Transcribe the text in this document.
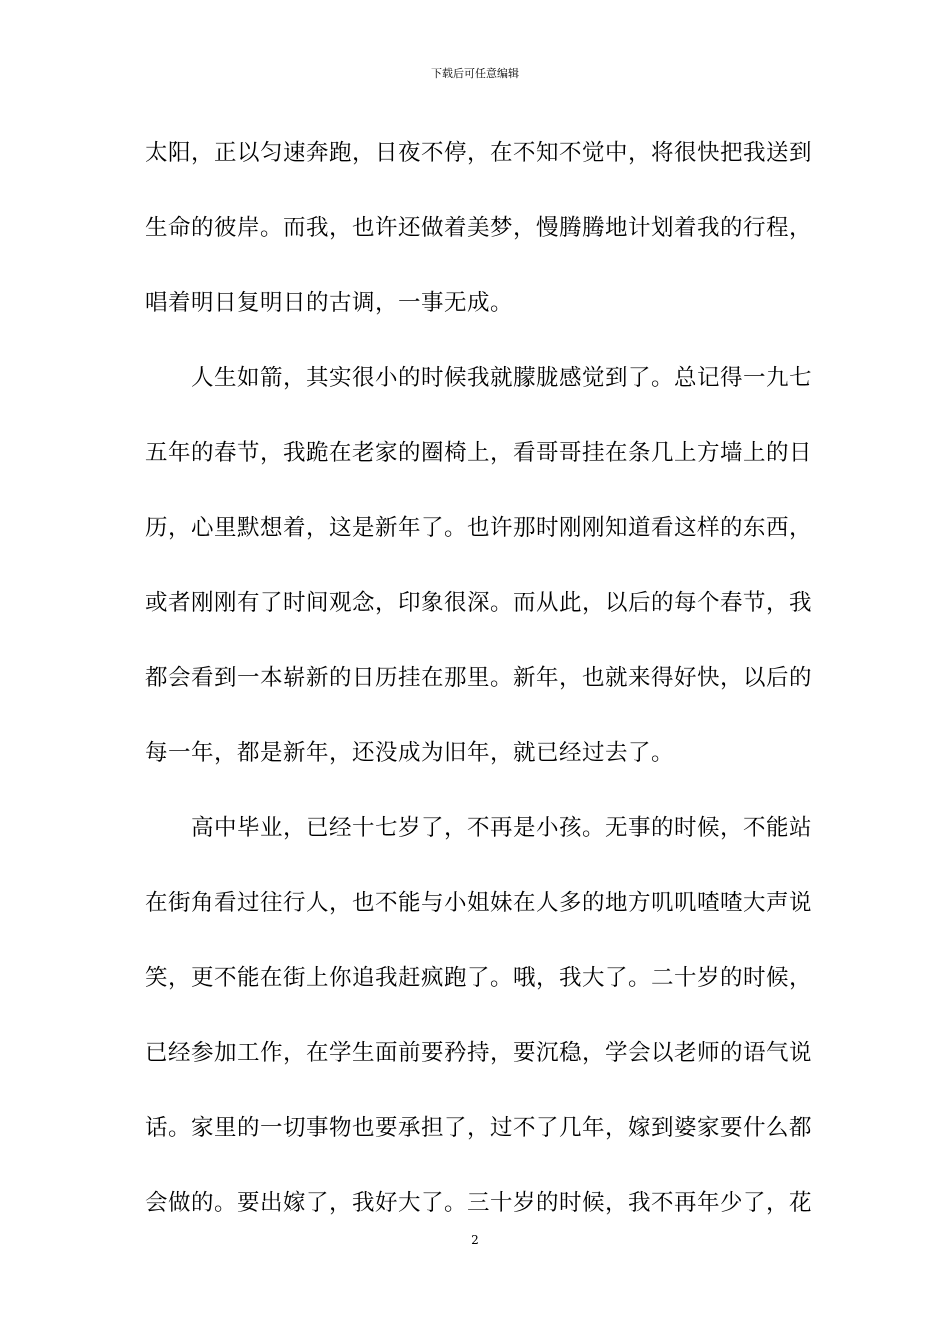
下载后可任意编辑
太阳，正以匀速奔跑，日夜不停，在不知不觉中，将很快把我送到
生命的彼岸。而我，也许还做着美梦，慢腾腾地计划着我的行程，
唱着明日复明日的古调，一事无成。
人生如箭，其实很小的时候我就朦胧感觉到了。总记得一九七
五年的春节，我跪在老家的圈椅上，看哥哥挂在条几上方墙上的日
历，心里默想着，这是新年了。也许那时刚刚知道看这样的东西，
或者刚刚有了时间观念，印象很深。而从此，以后的每个春节，我
都会看到一本崭新的日历挂在那里。新年，也就来得好快，以后的
每一年，都是新年，还没成为旧年，就已经过去了。
高中毕业，已经十七岁了，不再是小孩。无事的时候，不能站
在街角看过往行人，也不能与小姐妹在人多的地方叽叽喳喳大声说
笑，更不能在街上你追我赶疯跑了。哦，我大了。二十岁的时候，
已经参加工作，在学生面前要矜持，要沉稳，学会以老师的语气说
话。家里的一切事物也要承担了，过不了几年，嫁到婆家要什么都
会做的。要出嫁了，我好大了。三十岁的时候，我不再年少了，花
2
